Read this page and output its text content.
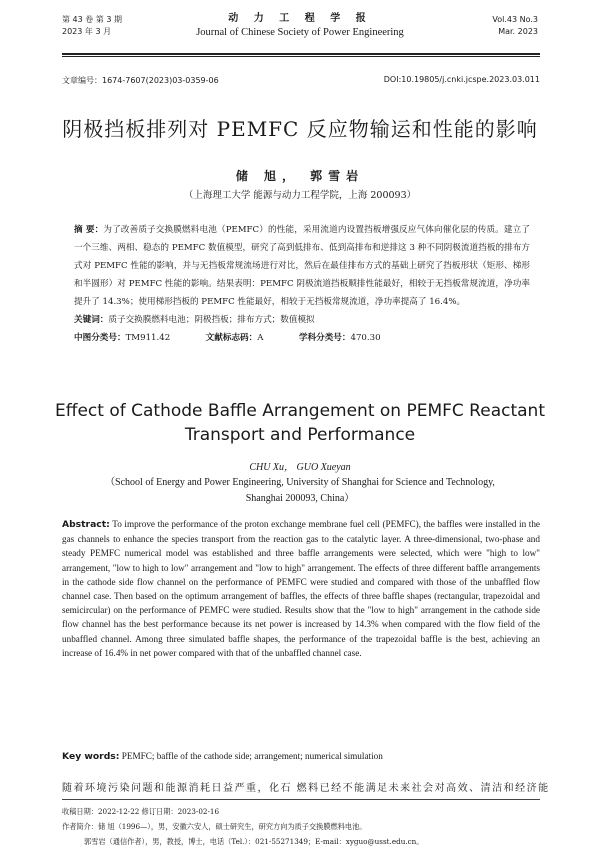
第 43 卷 第 3 期
2023 年 3 月
动 力 工 程 学 报
Journal of Chinese Society of Power Engineering
Vol.43 No.3
Mar. 2023
文章编号：1674-7607(2023)03-0359-06	DOI:10.19805/j.cnki.jcspe.2023.03.011
阴极挡板排列对 PEMFC 反应物输运和性能的影响
储 旭， 郭雪岩
（上海理工大学 能源与动力工程学院，上海 200093）
摘 要：为了改善质子交换膜燃料电池（PEMFC）的性能，采用流道内设置挡板增强反应气体向催化层的传质。建立了一个三维、两相、稳态的 PEMFC 数值模型，研究了高到低排布、低到高排布和逆排这 3 种不同阴极流道挡板的排布方式对 PEMFC 性能的影响，并与无挡板常规流场进行对比，然后在最佳排布方式的基础上研究了挡板形状（矩形、梯形和半圆形）对 PEMFC 性能的影响。结果表明：PEMFC 阴极流道挡板顺排性能最好，相较于无挡板常规流道，净功率提升了 14.3%；使用梯形挡板的 PEMFC 性能最好，相较于无挡板常规流道，净功率提高了 16.4%。
关键词：质子交换膜燃料电池；阴极挡板；排布方式；数值模拟
中图分类号：TM911.42	文献标志码：A	学科分类号：470.30
Effect of Cathode Baffle Arrangement on PEMFC Reactant
Transport and Performance
CHU Xu， GUO Xueyan
（School of Energy and Power Engineering, University of Shanghai for Science and Technology,
Shanghai 200093, China）
Abstract: To improve the performance of the proton exchange membrane fuel cell (PEMFC), the baffles were installed in the gas channels to enhance the species transport from the reaction gas to the catalytic layer. A three-dimensional, two-phase and steady PEMFC numerical model was established and three baffle arrangements were selected, which were "high to low" arrangement, "low to high to low" arrangement and "low to high" arrangement. The effects of three different baffle arrangements in the cathode side flow channel on the performance of PEMFC were studied and compared with those of the unbaffled flow channel case. Then based on the optimum arrangement of baffles, the effects of three baffle shapes (rectangular, trapezoidal and semicircular) on the performance of PEMFC were studied. Results show that the "low to high" arrangement in the cathode side flow channel has the best performance because its net power is increased by 14.3% when compared with the flow field of the unbaffled channel. Among three simulated baffle shapes, the performance of the trapezoidal baffle is the best, achieving an increase of 16.4% in net power compared with that of the unbaffled channel case.
Key words: PEMFC; baffle of the cathode side; arrangement; numerical simulation
随着环境污染问题和能源消耗日益严重，化石 燃料已经不能满足未来社会对高效、清洁和经济能
收稿日期：2022-12-22 修订日期：2023-02-16
作者简介：储 旭（1996—），男，安徽六安人，硕士研究生，研究方向为质子交换膜燃料电池。
郭雪岩（通信作者），男，教授，博士，电话（Tel.）：021-55271349；E-mail：xyguo@usst.edu.cn。
